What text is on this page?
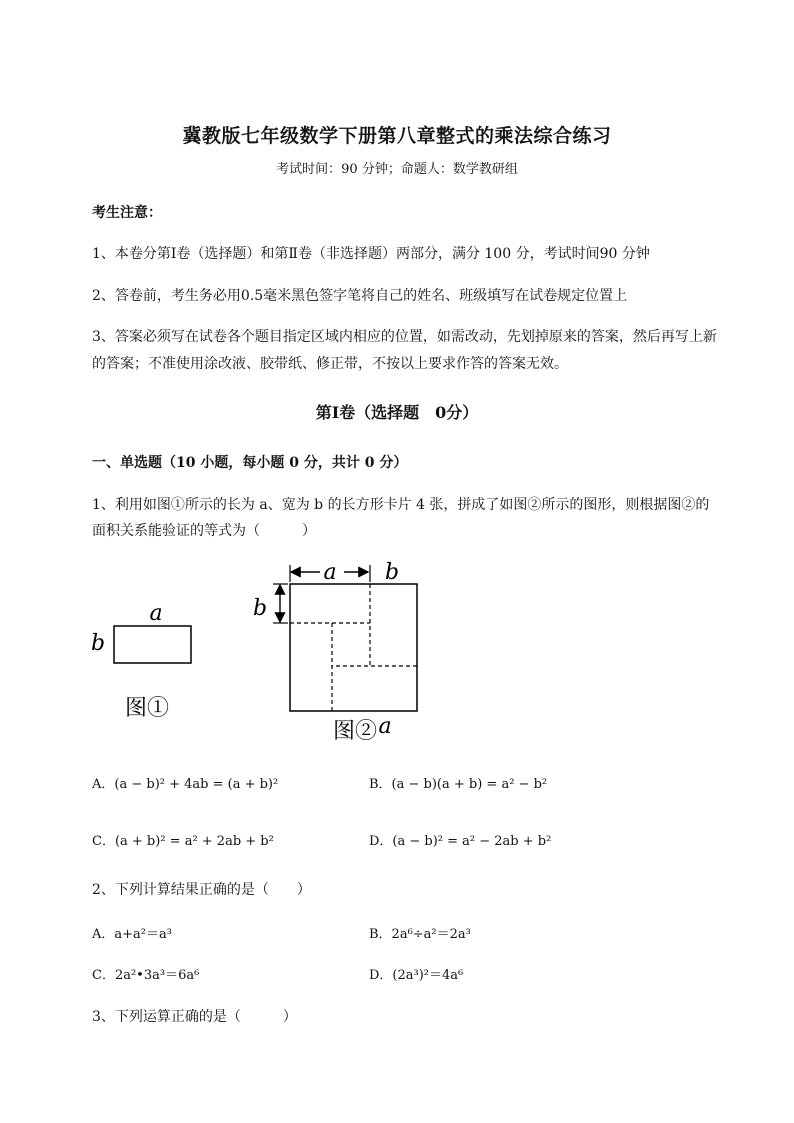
冀教版七年级数学下册第八章整式的乘法综合练习
考试时间：90 分钟；命题人：数学教研组
考生注意：
1、本卷分第Ⅰ卷（选择题）和第Ⅱ卷（非选择题）两部分，满分 100 分，考试时间90 分钟
2、答卷前，考生务必用0.5毫米黑色签字笔将自己的姓名、班级填写在试卷规定位置上
3、答案必须写在试卷各个题目指定区域内相应的位置，如需改动，先划掉原来的答案，然后再写上新
的答案；不准使用涂改液、胶带纸、修正带，不按以上要求作答的答案无效。
第Ⅰ卷（选择题　0分）
一、单选题（10 小题，每小题 0 分，共计 0 分）
1、利用如图①所示的长为 a、宽为 b 的长方形卡片 4 张，拼成了如图②所示的图形，则根据图②的
面积关系能验证的等式为（　　　）
a
b
图①
a b
b
图② a
A．(a − b)² + 4ab = (a + b)²	B．(a − b)(a + b) = a² − b²
C．(a + b)² = a² + 2ab + b²	D．(a − b)² = a² − 2ab + b²
2、下列计算结果正确的是（　　）
A．a+a²＝a³	B．2a⁶÷a²＝2a³
C．2a²•3a³＝6a⁶	D．(2a³)²＝4a⁶
3、下列运算正确的是（　　　）
